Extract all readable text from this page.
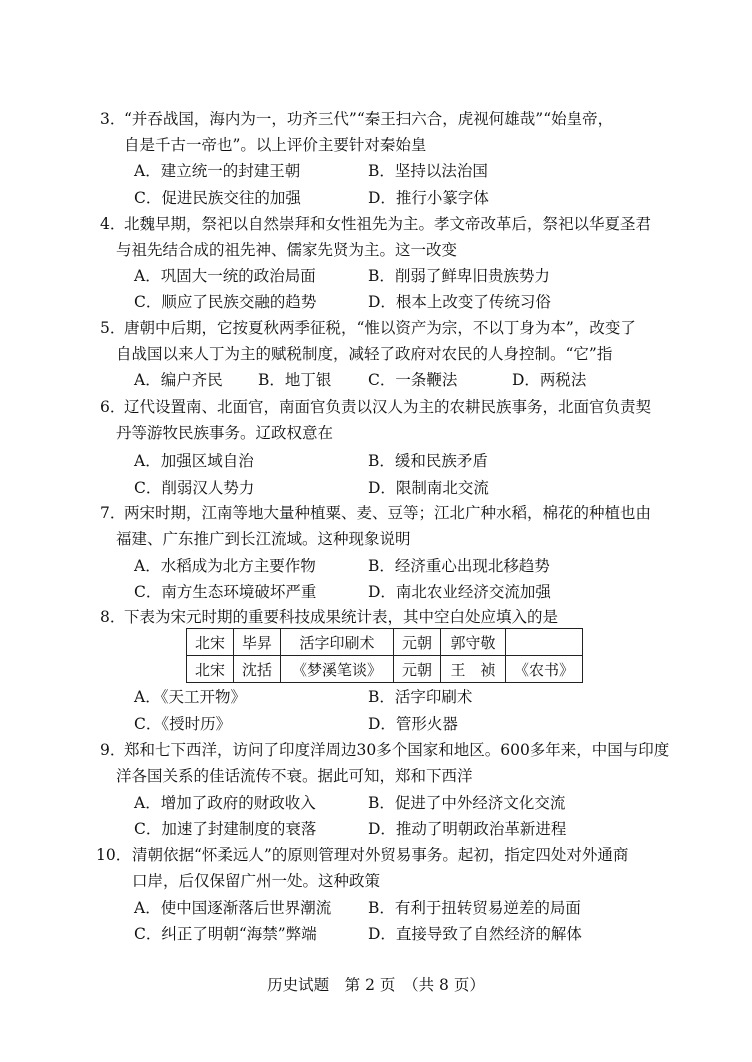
3．
“并吞战国，海内为一，功齐三代”“秦王扫六合，虎视何雄哉”“始皇帝，
自是千古一帝也”。以上评价主要针对秦始皇
A．建立统一的封建王朝	B．坚持以法治国
C．促进民族交往的加强	D．推行小篆字体
4．
北魏早期，祭祀以自然崇拜和女性祖先为主。孝文帝改革后，祭祀以华夏圣君
与祖先结合成的祖先神、儒家先贤为主。这一改变
A．巩固大一统的政治局面	B．削弱了鲜卑旧贵族势力
C．顺应了民族交融的趋势	D．根本上改变了传统习俗
5．
唐朝中后期，它按夏秋两季征税，“惟以资产为宗，不以丁身为本”，改变了
自战国以来人丁为主的赋税制度，减轻了政府对农民的人身控制。“它”指
A．编户齐民 B．地丁银 C．一条鞭法	D．两税法
6．
辽代设置南、北面官，南面官负责以汉人为主的农耕民族事务，北面官负责契
丹等游牧民族事务。辽政权意在
A．加强区域自治	B．缓和民族矛盾
C．削弱汉人势力	D．限制南北交流
7．
两宋时期，江南等地大量种植粟、麦、豆等；江北广种水稻，棉花的种植也由
福建、广东推广到长江流域。这种现象说明
A．水稻成为北方主要作物	B．经济重心出现北移趋势
C．南方生态环境破坏严重	D．南北农业经济交流加强
8．
下表为宋元时期的重要科技成果统计表，其中空白处应填入的是
北宋	毕昇	活字印刷术	元朝	郭守敬	
北宋	沈括	《梦溪笔谈》	元朝	王　祯	《农书》
A．《天工开物》	B．活字印刷术
C．《授时历》	D．管形火器
9．
郑和七下西洋，访问了印度洋周边30多个国家和地区。600多年来，中国与印度
洋各国关系的佳话流传不衰。据此可知，郑和下西洋
A．增加了政府的财政收入	B．促进了中外经济文化交流
C．加速了封建制度的衰落	D．推动了明朝政治革新进程
10． 清朝依据“怀柔远人”的原则管理对外贸易事务。起初，指定四处对外通商
口岸，后仅保留广州一处。这种政策
A．使中国逐渐落后世界潮流 B．有利于扭转贸易逆差的局面
C．纠正了明朝“海禁”弊端	D．直接导致了自然经济的解体
历史试题　第 2 页　（共 8 页）
